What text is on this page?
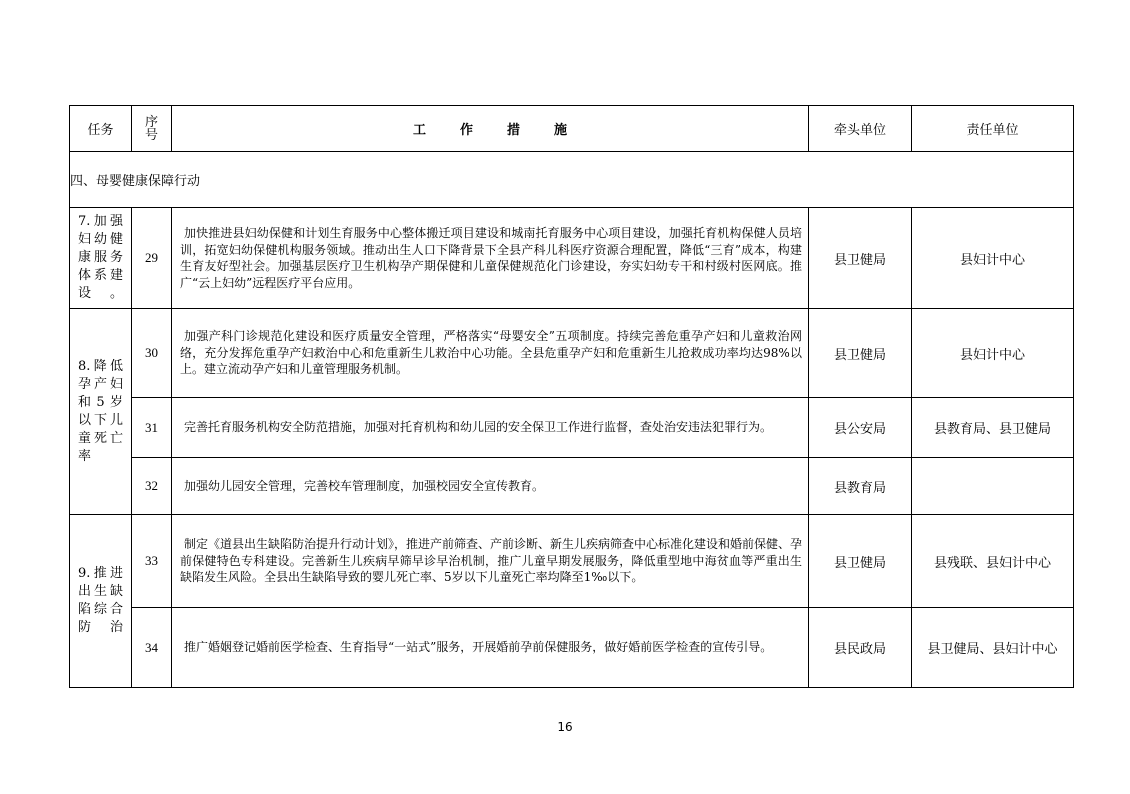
任务	序号	工作措施	牵头单位	责任单位
四、母婴健康保障行动				
7.加强妇幼健康服务体系建设。	29	加快推进县妇幼保健和计划生育服务中心整体搬迁项目建设和城南托育服务中心项目建设，加强托育机构保健人员培训，拓宽妇幼保健机构服务领域。推动出生人口下降背景下全县产科儿科医疗资源合理配置，降低“三育”成本，构建生育友好型社会。加强基层医疗卫生机构孕产期保健和儿童保健规范化门诊建设，夯实妇幼专干和村级村医网底。推广“云上妇幼”远程医疗平台应用。	县卫健局	县妇计中心
8.降低孕产妇和5岁以下儿童死亡率	30	加强产科门诊规范化建设和医疗质量安全管理，严格落实“母婴安全”五项制度。持续完善危重孕产妇和儿童救治网络，充分发挥危重孕产妇救治中心和危重新生儿救治中心功能。全县危重孕产妇和危重新生儿抢救成功率均达98%以上。建立流动孕产妇和儿童管理服务机制。	县卫健局	县妇计中心
	31	完善托育服务机构安全防范措施，加强对托育机构和幼儿园的安全保卫工作进行监督，查处治安违法犯罪行为。	县公安局	县教育局、县卫健局
	32	加强幼儿园安全管理，完善校车管理制度，加强校园安全宣传教育。	县教育局	
9.推进出生缺陷综合防治	33	制定《道县出生缺陷防治提升行动计划》，推进产前筛查、产前诊断、新生儿疾病筛查中心标准化建设和婚前保健、孕前保健特色专科建设。完善新生儿疾病早筛早诊早治机制，推广儿童早期发展服务，降低重型地中海贫血等严重出生缺陷发生风险。全县出生缺陷导致的婴儿死亡率、5岁以下儿童死亡率均降至1‰以下。	县卫健局	县残联、县妇计中心
	34	推广婚姻登记婚前医学检查、生育指导“一站式”服务，开展婚前孕前保健服务，做好婚前医学检查的宣传引导。	县民政局	县卫健局、县妇计中心
16
